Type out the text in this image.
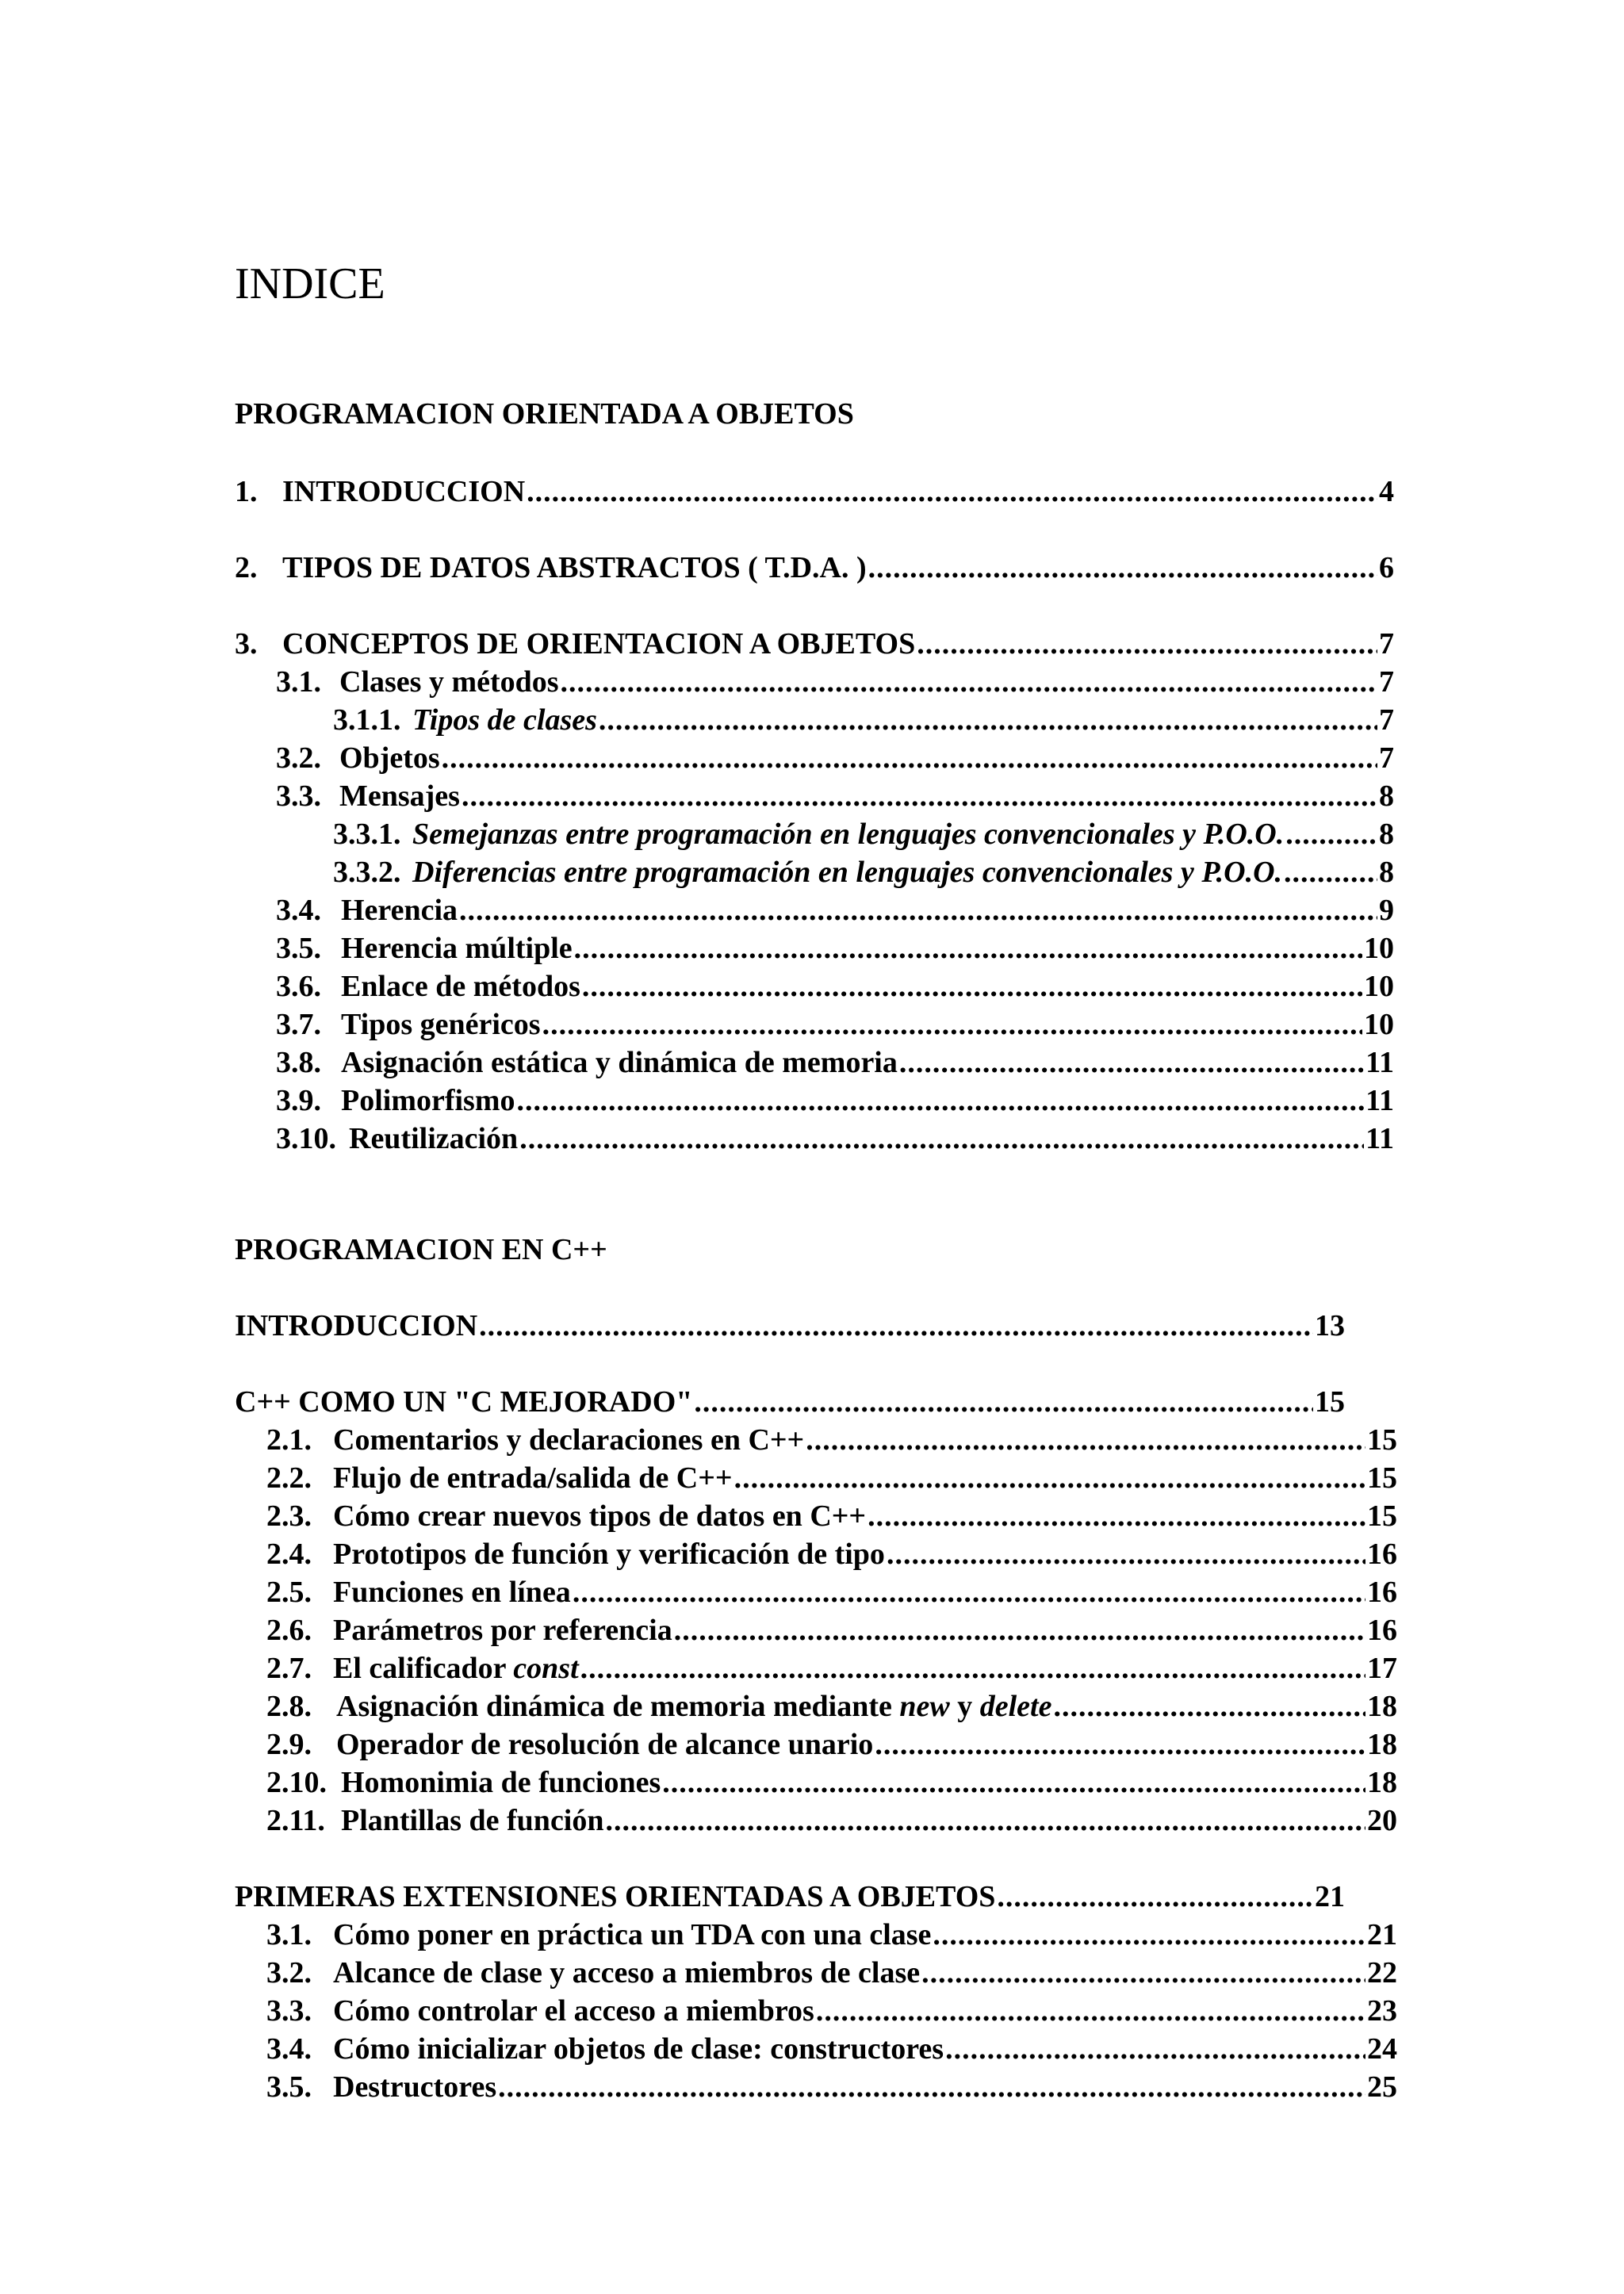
INDICE
PROGRAMACION ORIENTADA A OBJETOS
1. INTRODUCCION .....	4
2. TIPOS DE DATOS ABSTRACTOS ( T.D.A. ) .....	6
3. CONCEPTOS DE ORIENTACION A OBJETOS .....	7
3.1. Clases y métodos .....	7
3.1.1. Tipos de clases .....	7
3.2. Objetos .....	7
3.3. Mensajes .....	8
3.3.1. Semejanzas entre programación en lenguajes convencionales y P.O.O. .....	8
3.3.2. Diferencias entre programación en lenguajes convencionales y P.O.O. .....	8
3.4. Herencia .....	9
3.5. Herencia múltiple .....	10
3.6. Enlace de métodos .....	10
3.7. Tipos genéricos .....	10
3.8. Asignación estática y dinámica de memoria .....	11
3.9. Polimorfismo .....	11
3.10. Reutilización .....	11
PROGRAMACION EN C++
INTRODUCCION .....	13
C++ COMO UN "C MEJORADO" .....	15
2.1. Comentarios y declaraciones en C++ .....	15
2.2. Flujo de entrada/salida de C++ .....	15
2.3. Cómo crear nuevos tipos de datos en C++ .....	15
2.4. Prototipos de función y verificación de tipo .....	16
2.5. Funciones en línea .....	16
2.6. Parámetros por referencia .....	16
2.7. El calificador const .....	17
2.8. Asignación dinámica de memoria mediante new y delete .....	18
2.9. Operador de resolución de alcance unario .....	18
2.10. Homonimia de funciones .....	18
2.11. Plantillas de función .....	20
PRIMERAS EXTENSIONES ORIENTADAS A OBJETOS .....	21
3.1. Cómo poner en práctica un TDA con una clase .....	21
3.2. Alcance de clase y acceso a miembros de clase .....	22
3.3. Cómo controlar el acceso a miembros .....	23
3.4. Cómo inicializar objetos de clase: constructores .....	24
3.5. Destructores .....	25
